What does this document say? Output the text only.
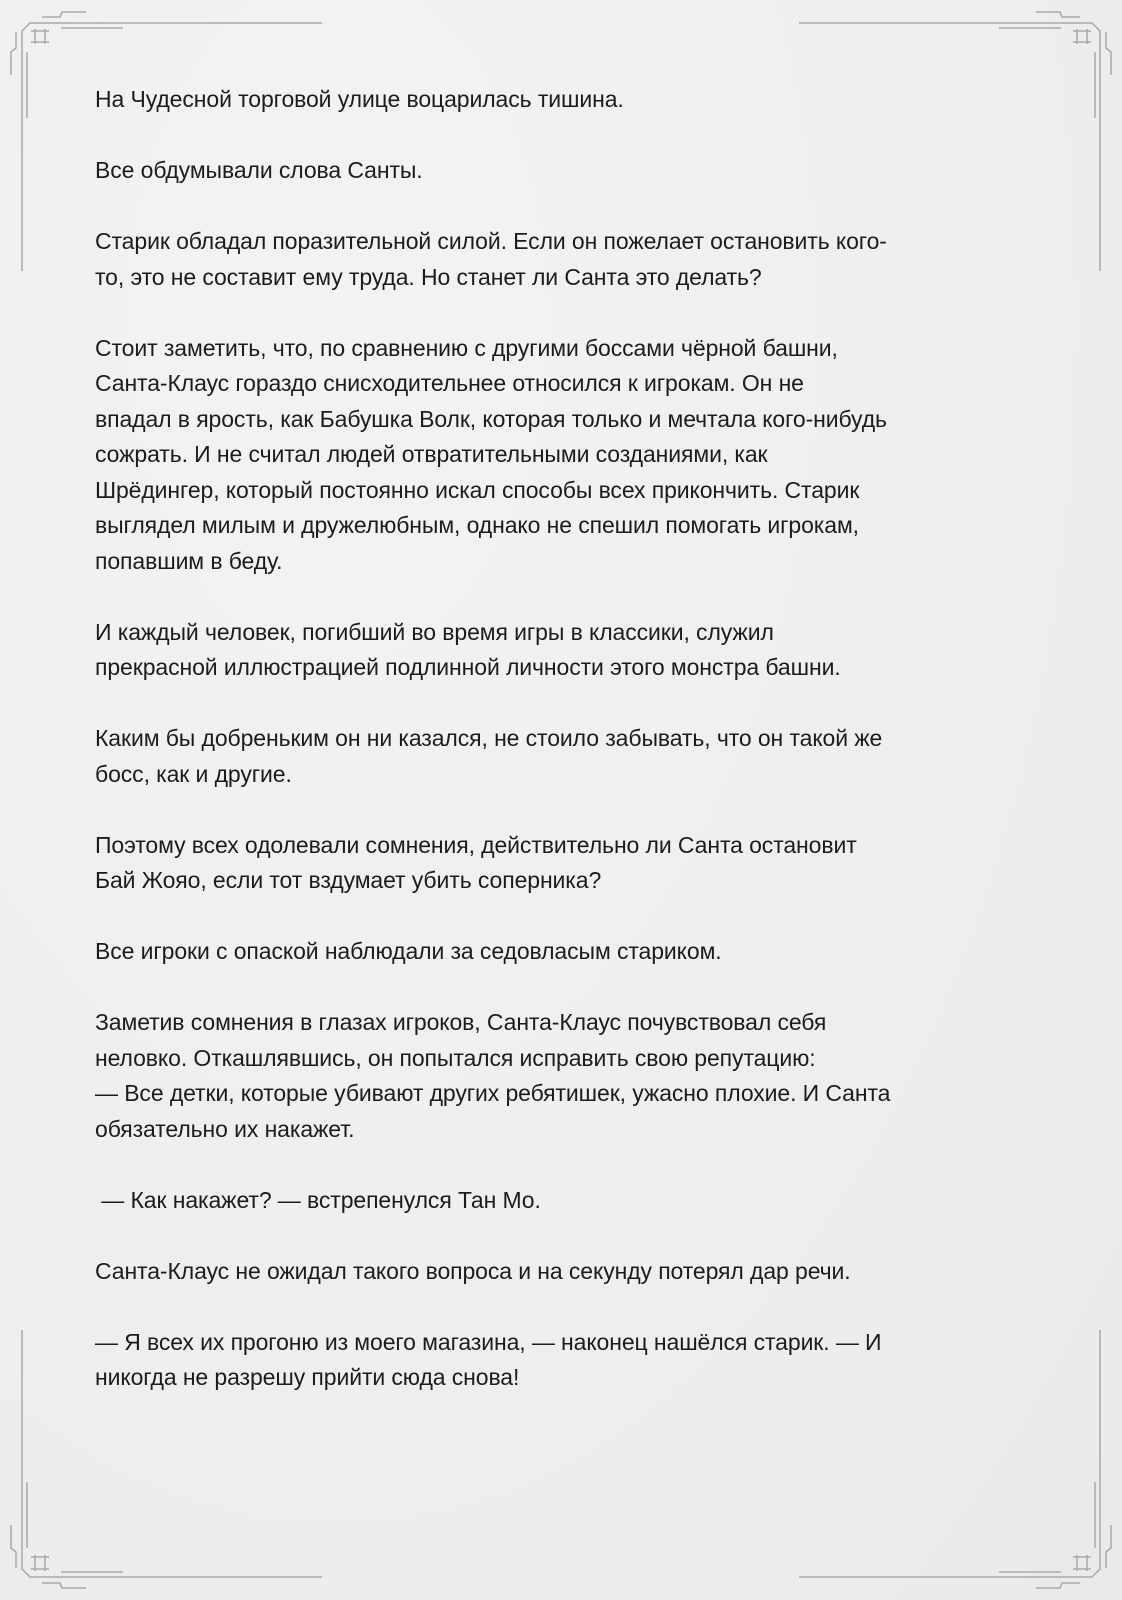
На Чудесной торговой улице воцарилась тишина.

Все обдумывали слова Санты.

Старик обладал поразительной силой. Если он пожелает остановить кого-
то, это не составит ему труда. Но станет ли Санта это делать?

Стоит заметить, что, по сравнению с другими боссами чёрной башни,
Санта-Клаус гораздо снисходительнее относился к игрокам. Он не
впадал в ярость, как Бабушка Волк, которая только и мечтала кого-нибудь
сожрать. И не считал людей отвратительными созданиями, как
Шрёдингер, который постоянно искал способы всех прикончить. Старик
выглядел милым и дружелюбным, однако не спешил помогать игрокам,
попавшим в беду.

И каждый человек, погибший во время игры в классики, служил
прекрасной иллюстрацией подлинной личности этого монстра башни.

Каким бы добреньким он ни казался, не стоило забывать, что он такой же
босс, как и другие.

Поэтому всех одолевали сомнения, действительно ли Санта остановит
Бай Жояо, если тот вздумает убить соперника?

Все игроки с опаской наблюдали за седовласым стариком.

Заметив сомнения в глазах игроков, Санта-Клаус почувствовал себя
неловко. Откашлявшись, он попытался исправить свою репутацию:
— Все детки, которые убивают других ребятишек, ужасно плохие. И Санта
обязательно их накажет.

— Как накажет? — встрепенулся Тан Мо.

Санта-Клаус не ожидал такого вопроса и на секунду потерял дар речи.

— Я всех их прогоню из моего магазина, — наконец нашёлся старик. — И
никогда не разрешу прийти сюда снова!
